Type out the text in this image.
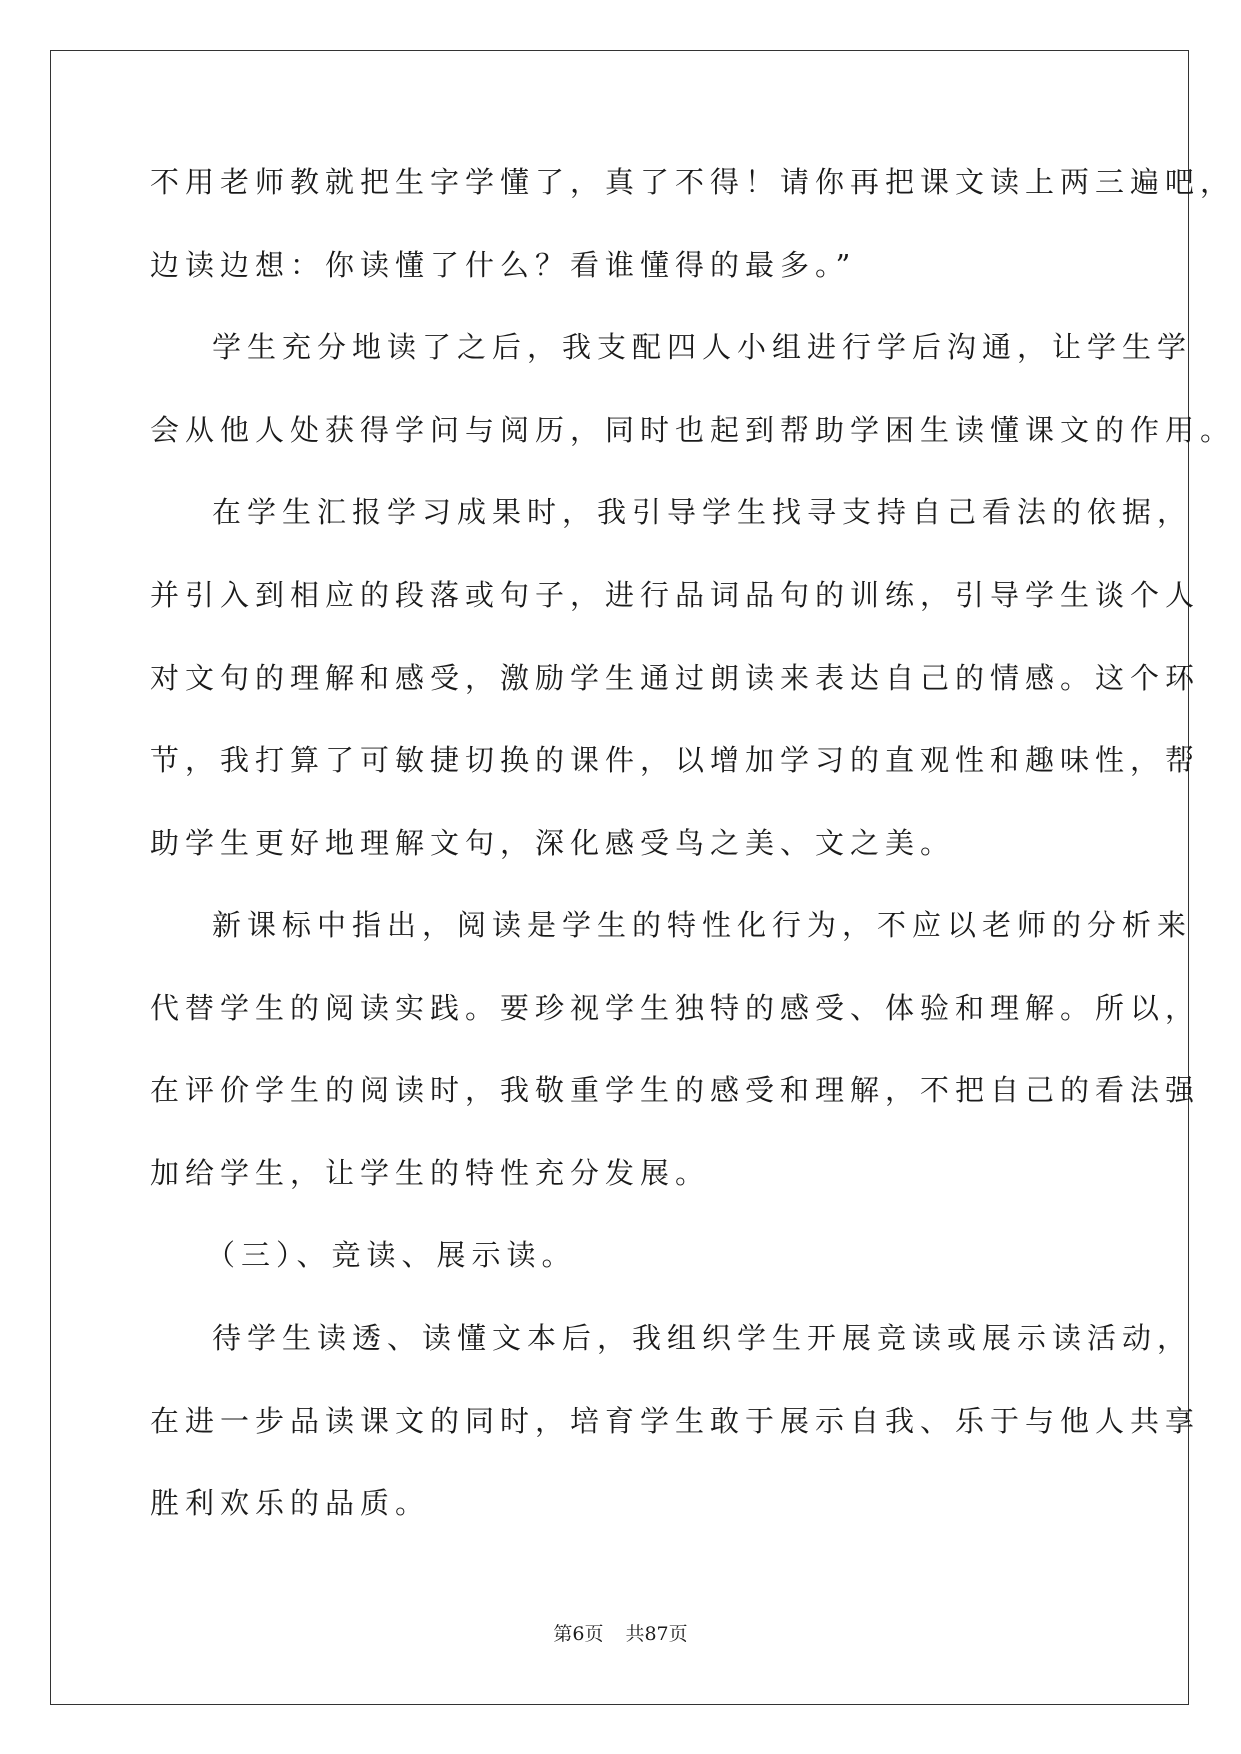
不用老师教就把生字学懂了，真了不得！请你再把课文读上两三遍吧，
边读边想：你读懂了什么？看谁懂得的最多。”
学生充分地读了之后，我支配四人小组进行学后沟通，让学生学
会从他人处获得学问与阅历，同时也起到帮助学困生读懂课文的作用。
在学生汇报学习成果时，我引导学生找寻支持自己看法的依据，
并引入到相应的段落或句子，进行品词品句的训练，引导学生谈个人
对文句的理解和感受，激励学生通过朗读来表达自己的情感。这个环
节，我打算了可敏捷切换的课件，以增加学习的直观性和趣味性，帮
助学生更好地理解文句，深化感受鸟之美、文之美。
新课标中指出，阅读是学生的特性化行为，不应以老师的分析来
代替学生的阅读实践。要珍视学生独特的感受、体验和理解。所以，
在评价学生的阅读时，我敬重学生的感受和理解，不把自己的看法强
加给学生，让学生的特性充分发展。
（三）、竞读、展示读。
待学生读透、读懂文本后，我组织学生开展竞读或展示读活动，
在进一步品读课文的同时，培育学生敢于展示自我、乐于与他人共享
胜利欢乐的品质。
第6页 共87页
